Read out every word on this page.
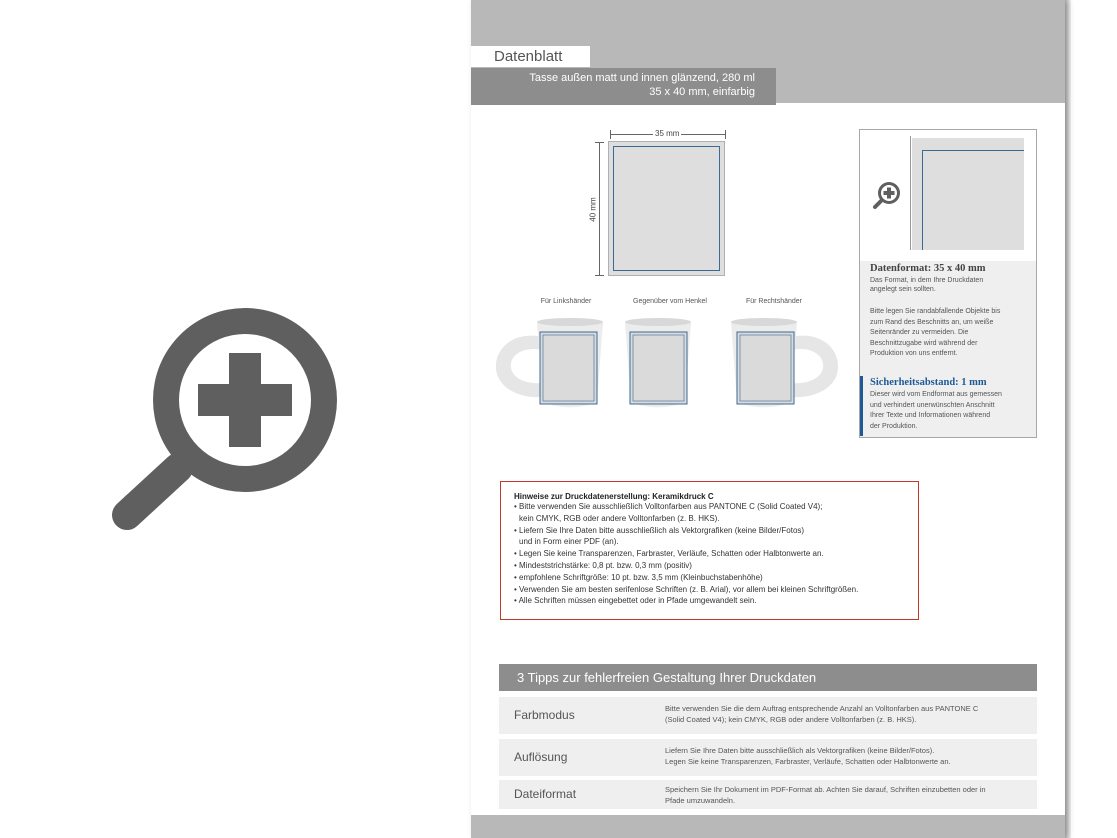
Datenblatt
Tasse außen matt und innen glänzend, 280 ml
35 x 40 mm, einfarbig
35 mm
40 mm
Für Linkshänder	Gegenüber vom Henkel	Für Rechtshänder
Datenformat: 35 x 40 mm
Das Format, in dem Ihre Druckdaten
angelegt sein sollten.
Bitte legen Sie randabfallende Objekte bis
zum Rand des Beschnitts an, um weiße
Seitenränder zu vermeiden. Die
Beschnittzugabe wird während der
Produktion von uns entfernt.
Sicherheitsabstand: 1 mm
Dieser wird vom Endformat aus gemessen
und verhindert unerwünschten Anschnitt
Ihrer Texte und Informationen während
der Produktion.
Hinweise zur Druckdatenerstellung: Keramikdruck C
• Bitte verwenden Sie ausschließlich Volltonfarben aus PANTONE C (Solid Coated V4);
kein CMYK, RGB oder andere Volltonfarben (z. B. HKS).
• Liefern Sie Ihre Daten bitte ausschließlich als Vektorgrafiken (keine Bilder/Fotos)
und in Form einer PDF (an).
• Legen Sie keine Transparenzen, Farbraster, Verläufe, Schatten oder Halbtonwerte an.
• Mindeststrichstärke: 0,8 pt. bzw. 0,3 mm (positiv)
• empfohlene Schriftgröße: 10 pt. bzw. 3,5 mm (Kleinbuchstabenhöhe)
• Verwenden Sie am besten serifenlose Schriften (z. B. Arial), vor allem bei kleinen Schriftgrößen.
• Alle Schriften müssen eingebettet oder in Pfade umgewandelt sein.
3 Tipps zur fehlerfreien Gestaltung Ihrer Druckdaten
Farbmodus	Bitte verwenden Sie die dem Auftrag entsprechende Anzahl an Volltonfarben aus PANTONE C
(Solid Coated V4); kein CMYK, RGB oder andere Volltonfarben (z. B. HKS).
Auflösung	Liefern Sie Ihre Daten bitte ausschließlich als Vektorgrafiken (keine Bilder/Fotos).
Legen Sie keine Transparenzen, Farbraster, Verläufe, Schatten oder Halbtonwerte an.
Dateiformat	Speichern Sie Ihr Dokument im PDF-Format ab. Achten Sie darauf, Schriften einzubetten oder in
Pfade umzuwandeln.
